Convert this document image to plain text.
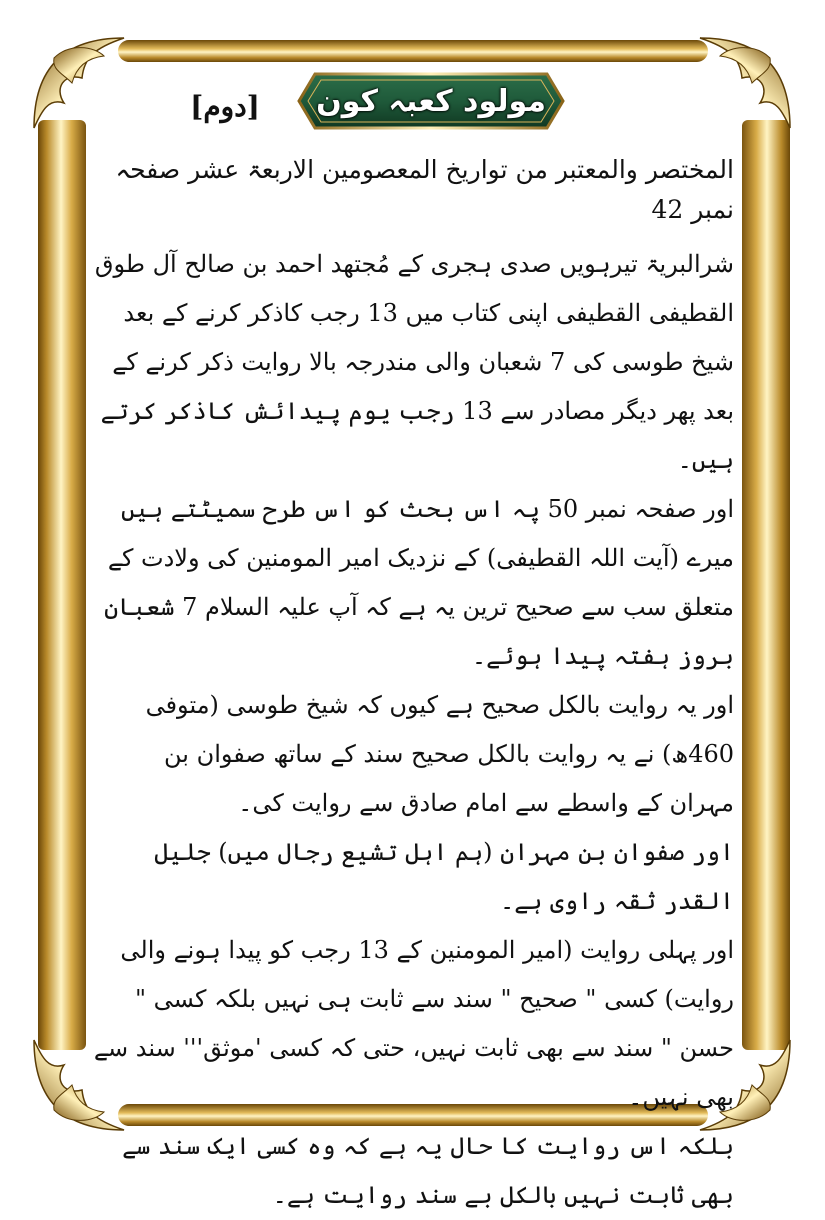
مولود کعبہ کون
[دوم]

المختصر والمعتبر من تواریخ المعصومین الاربعۃ عشر صفحہ نمبر 42

شرالبریۃ تیرہویں صدی ہجری کے مُجتھد احمد بن صالح آل طوق القطیفی القطیفی اپنی کتاب میں 13 رجب کاذکر کرنے کے بعد شیخ طوسی کی 7 شعبان والی مندرجہ بالا روایت ذکر کرنے کے بعد پھر دیگر مصادر سے 13 رجب یوم پیدائش کاذکر کرتے ہیں۔

اور صفحہ نمبر 50 پہ اس بحث کو اس طرح سمیٹتے ہیں

میرے (آیت اللہ القطیفی) کے نزدیک امیر المومنین کی ولادت کے متعلق سب سے صحیح ترین یہ ہے کہ آپ علیہ السلام 7 شعبان بروز ہفتہ پیدا ہوئے۔

اور یہ روایت بالکل صحیح ہے کیوں کہ شیخ طوسی (متوفی 460ھ) نے یہ روایت بالکل صحیح سند کے ساتھ صفوان بن مہران کے واسطے سے امام صادق سے روایت کی۔

اور صفوان بن مہران (ہم اہل تشیع رجال میں) جلیل القدر ثقہ راوی ہے۔

اور پہلی روایت (امیر المومنین کے 13 رجب کو پیدا ہونے والی روایت) کسی " صحیح " سند سے ثابت ہی نہیں بلکہ کسی " حسن " سند سے بھی ثابت نہیں، حتی کہ کسی 'موثق''' سند سے بھی نہیں۔

بلکہ اس روایت کا حال یہ ہے کہ وہ کسی ایک سند سے بھی ثابت نہیں بالکل بے سند روایت ہے۔
